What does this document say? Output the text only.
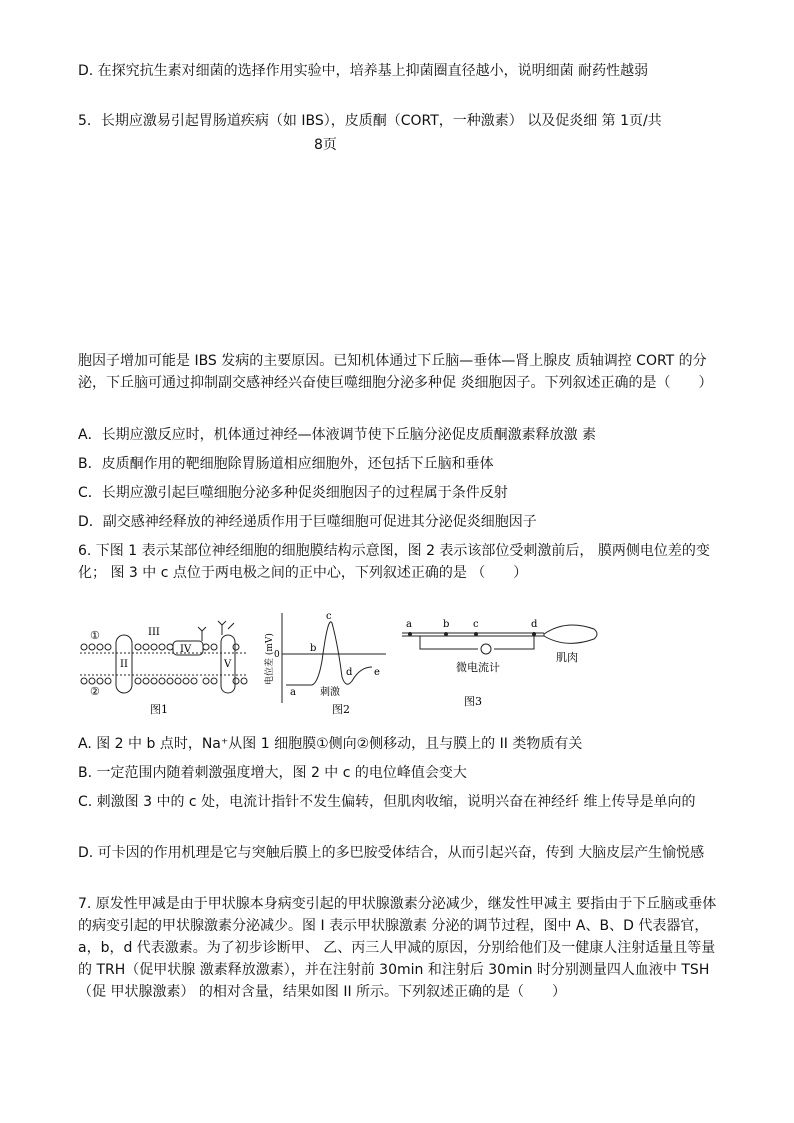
D. 在探究抗生素对细菌的选择作用实验中，培养基上抑菌圈直径越小，说明细菌 耐药性越弱
5．长期应激易引起胃肠道疾病（如 IBS），皮质酮（CORT，一种激素） 以及促炎细 第 1页/共
8页
胞因子增加可能是 IBS 发病的主要原因。已知机体通过下丘脑—垂体—肾上腺皮 质轴调控 CORT 的分泌，下丘脑可通过抑制副交感神经兴奋使巨噬细胞分泌多种促 炎细胞因子。下列叙述正确的是（　　）
A．长期应激反应时，机体通过神经—体液调节使下丘脑分泌促皮质酮激素释放激 素
B．皮质酮作用的靶细胞除胃肠道相应细胞外，还包括下丘脑和垂体
C．长期应激引起巨噬细胞分泌多种促炎细胞因子的过程属于条件反射
D．副交感神经释放的神经递质作用于巨噬细胞可促进其分泌促炎细胞因子
6. 下图 1 表示某部位神经细胞的细胞膜结构示意图，图 2 表示该部位受刺激前后， 膜两侧电位差的变化； 图 3 中 c 点位于两电极之间的正中心，下列叙述正确的是 （　　）
①
②
II
III
IV
V
图1
电位差 (mV) 0
a
b
c
d e
刺激
图2
a	b c	d
微电流计
肌肉
图3
A. 图 2 中 b 点时，Na⁺从图 1 细胞膜①侧向②侧移动，且与膜上的 II 类物质有关
B. 一定范围内随着刺激强度增大，图 2 中 c 的电位峰值会变大
C. 刺激图 3 中的 c 处，电流计指针不发生偏转，但肌肉收缩，说明兴奋在神经纤 维上传导是单向的
D. 可卡因的作用机理是它与突触后膜上的多巴胺受体结合，从而引起兴奋，传到 大脑皮层产生愉悦感
7. 原发性甲减是由于甲状腺本身病变引起的甲状腺激素分泌减少，继发性甲减主 要指由于下丘脑或垂体的病变引起的甲状腺激素分泌减少。图 I 表示甲状腺激素 分泌的调节过程，图中 A、B、D 代表器官，a，b，d 代表激素。为了初步诊断甲、 乙、丙三人甲减的原因，分别给他们及一健康人注射适量且等量的 TRH（促甲状腺 激素释放激素），并在注射前 30min 和注射后 30min 时分别测量四人血液中 TSH（促 甲状腺激素） 的相对含量，结果如图 II 所示。下列叙述正确的是（　　）
